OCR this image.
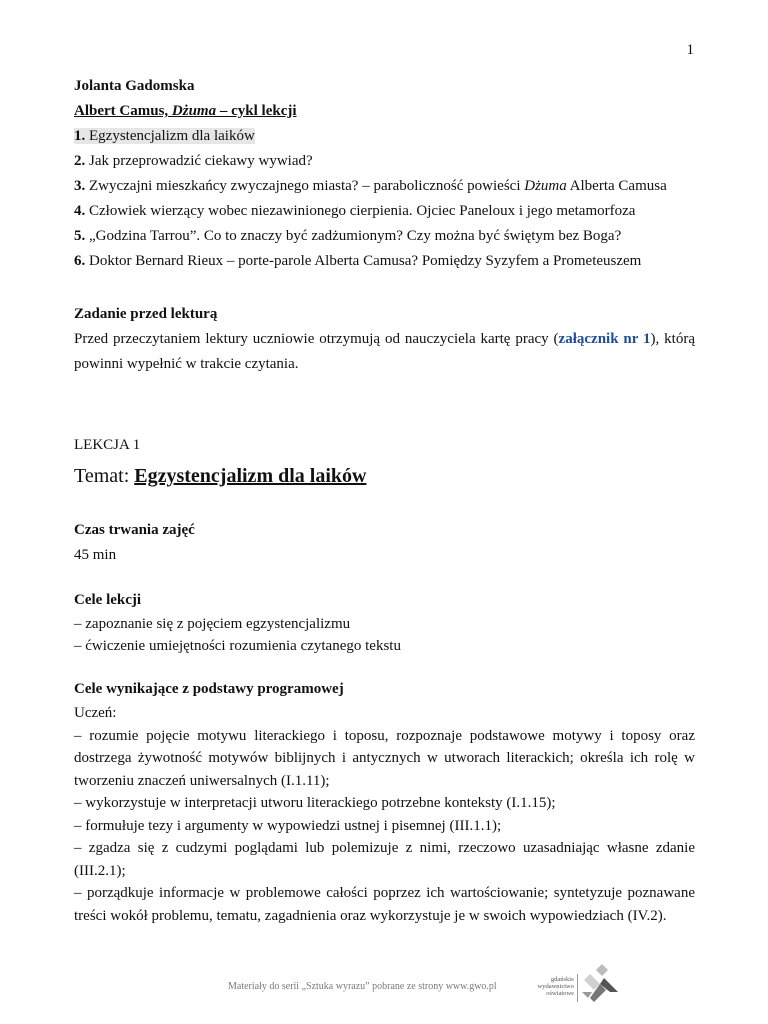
1
Jolanta Gadomska
Albert Camus, Dżuma – cykl lekcji
1. Egzystencjalizm dla laików
2. Jak przeprowadzić ciekawy wywiad?
3. Zwyczajni mieszkańcy zwyczajnego miasta? – paraboliczność powieści Dżuma Alberta Camusa
4. Człowiek wierzący wobec niezawinionego cierpienia. Ojciec Paneloux i jego metamorfoza
5. „Godzina Tarrou”. Co to znaczy być zadżumionym? Czy można być świętym bez Boga?
6. Doktor Bernard Rieux – porte-parole Alberta Camusa? Pomiędzy Syzyfem a Prometeuszem
Zadanie przed lekturą
Przed przeczytaniem lektury uczniowie otrzymują od nauczyciela kartę pracy (załącznik nr 1), którą powinni wypełnić w trakcie czytania.
LEKCJA 1
Temat: Egzystencjalizm dla laików
Czas trwania zajęć
45 min
Cele lekcji
– zapoznanie się z pojęciem egzystencjalizmu
– ćwiczenie umiejętności rozumienia czytanego tekstu
Cele wynikające z podstawy programowej
Uczeń:
– rozumie pojęcie motywu literackiego i toposu, rozpoznaje podstawowe motywy i toposy oraz dostrzega żywotność motywów biblijnych i antycznych w utworach literackich; określa ich rolę w tworzeniu znaczeń uniwersalnych (I.1.11);
– wykorzystuje w interpretacji utworu literackiego potrzebne konteksty (I.1.15);
– formułuje tezy i argumenty w wypowiedzi ustnej i pisemnej (III.1.1);
– zgadza się z cudzymi poglądami lub polemizuje z nimi, rzeczowo uzasadniając własne zdanie (III.2.1);
– porządkuje informacje w problemowe całości poprzez ich wartościowanie; syntetyzuje poznawane treści wokół problemu, tematu, zagadnienia oraz wykorzystuje je w swoich wypowiedziach (IV.2).
Materiały do serii „Sztuka wyrazu” pobrane ze strony www.gwo.pl
gdańskie
wydawnictwo
oświatowe
